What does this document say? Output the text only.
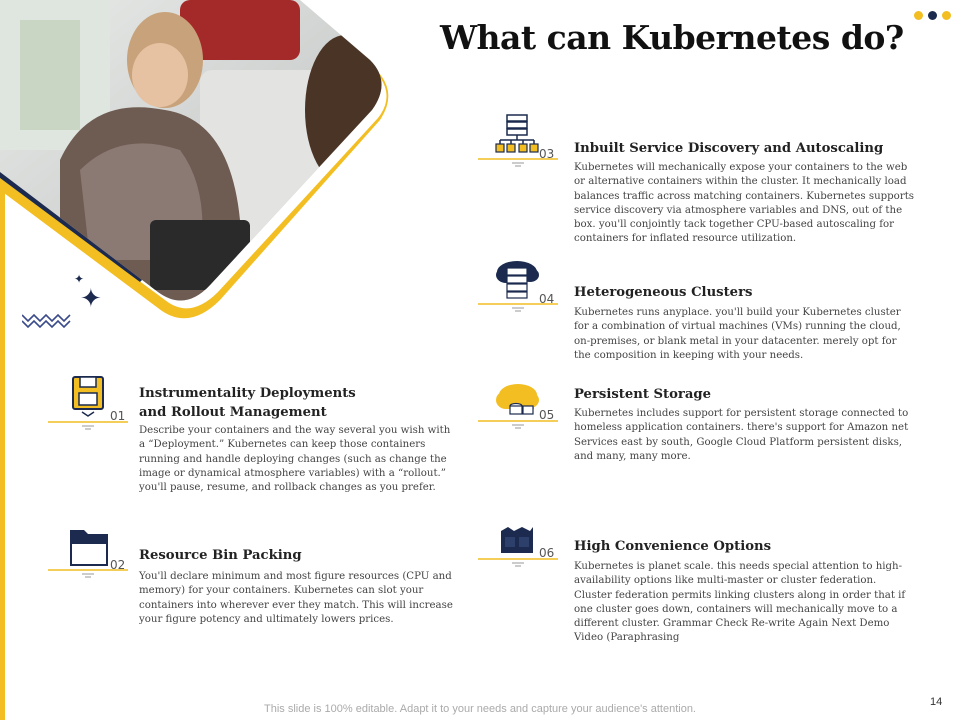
✦
✦
What can Kubernetes do?
01
Instrumentality Deployments and Rollout Management
Describe your containers and the way several you wish with a “Deployment.” Kubernetes can keep those containers running and handle deploying changes (such as change the image or dynamical atmosphere variables) with a “rollout.” you'll pause, resume, and rollback changes as you prefer.
02
Resource Bin Packing
You'll declare minimum and most figure resources (CPU and memory) for your containers. Kubernetes can slot your containers into wherever ever they match. This will increase your figure potency and ultimately lowers prices.
03 Inbuilt Service Discovery and Autoscaling
Kubernetes will mechanically expose your containers to the web or alternative containers within the cluster. It mechanically load balances traffic across matching containers. Kubernetes supports service discovery via atmosphere variables and DNS, out of the box. you'll conjointly tack together CPU-based autoscaling for containers for inflated resource utilization.
04 Heterogeneous Clusters
Kubernetes runs anyplace. you'll build your Kubernetes cluster for a combination of virtual machines (VMs) running the cloud, on-premises, or blank metal in your datacenter. merely opt for the composition in keeping with your needs.
05
Persistent Storage
Kubernetes includes support for persistent storage connected to homeless application containers. there's support for Amazon net Services east by south, Google Cloud Platform persistent disks, and many, many more.
06 High Convenience Options
Kubernetes is planet scale. this needs special attention to high-availability options like multi-master or cluster federation. Cluster federation permits linking clusters along in order that if one cluster goes down, containers will mechanically move to a different cluster. Grammar Check Re-write Again Next Demo Video (Paraphrasing
This slide is 100% editable. Adapt it to your needs and capture your audience's attention.
14
